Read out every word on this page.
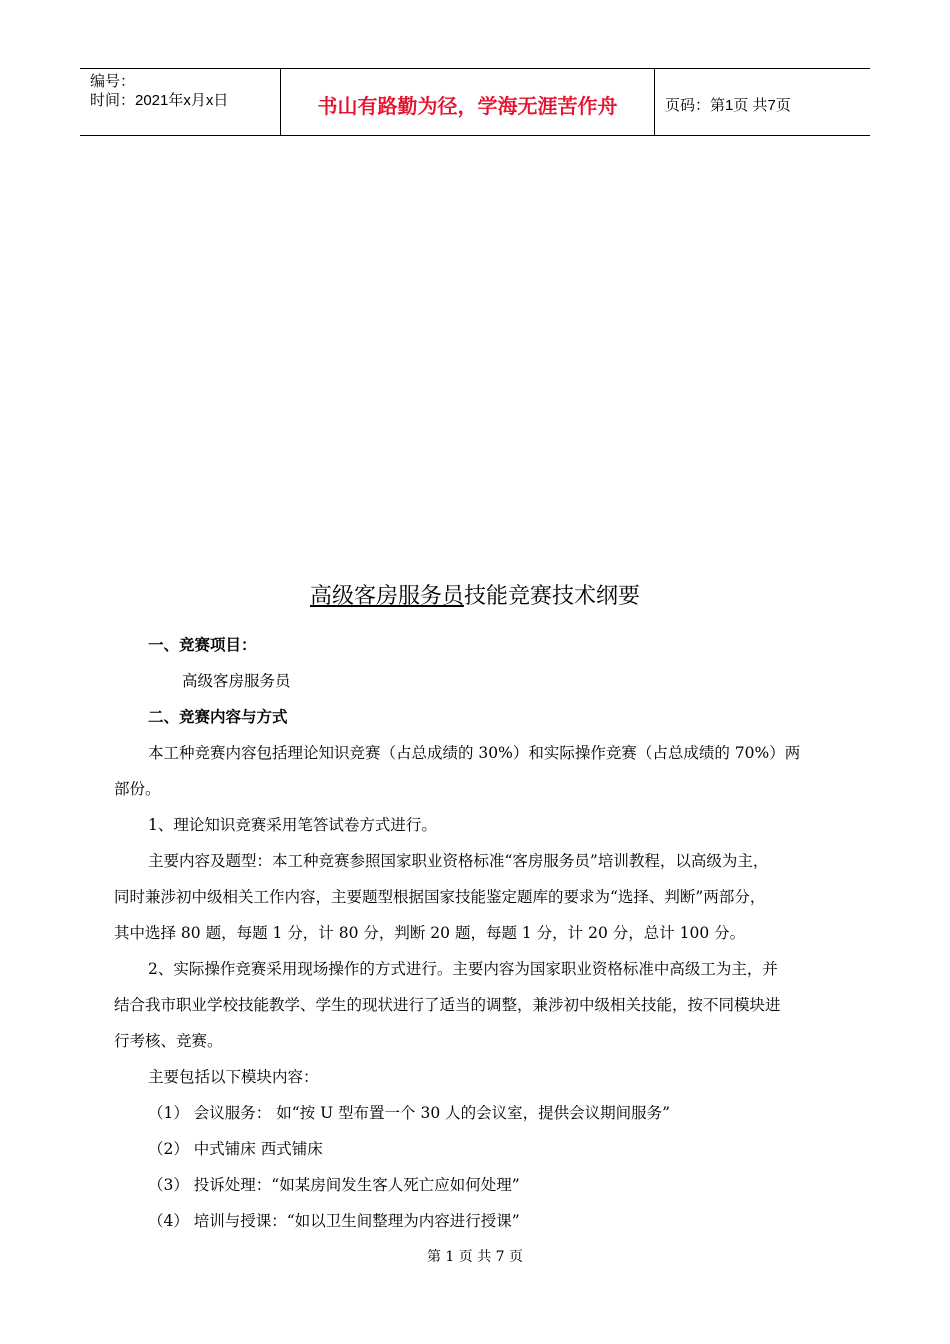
编号：
时间：2021年x月x日	书山有路勤为径，学海无涯苦作舟	页码：第1页 共7页
高级客房服务员技能竞赛技术纲要
一、竞赛项目：
高级客房服务员
二、竞赛内容与方式
本工种竞赛内容包括理论知识竞赛（占总成绩的 30%）和实际操作竞赛（占总成绩的 70%）两
部份。
1、理论知识竞赛采用笔答试卷方式进行。
主要内容及题型：本工种竞赛参照国家职业资格标准“客房服务员”培训教程，以高级为主，
同时兼涉初中级相关工作内容，主要题型根据国家技能鉴定题库的要求为“选择、判断”两部分，
其中选择 80 题，每题 1 分，计 80 分，判断 20 题，每题 1 分，计 20 分，总计 100 分。
2、实际操作竞赛采用现场操作的方式进行。主要内容为国家职业资格标准中高级工为主，并
结合我市职业学校技能教学、学生的现状进行了适当的调整，兼涉初中级相关技能，按不同模块进
行考核、竞赛。
主要包括以下模块内容：
（1） 会议服务： 如“按 U 型布置一个 30 人的会议室，提供会议期间服务”
（2） 中式铺床 西式铺床
（3） 投诉处理：“如某房间发生客人死亡应如何处理”
（4） 培训与授课：“如以卫生间整理为内容进行授课”
第 1 页 共 7 页
